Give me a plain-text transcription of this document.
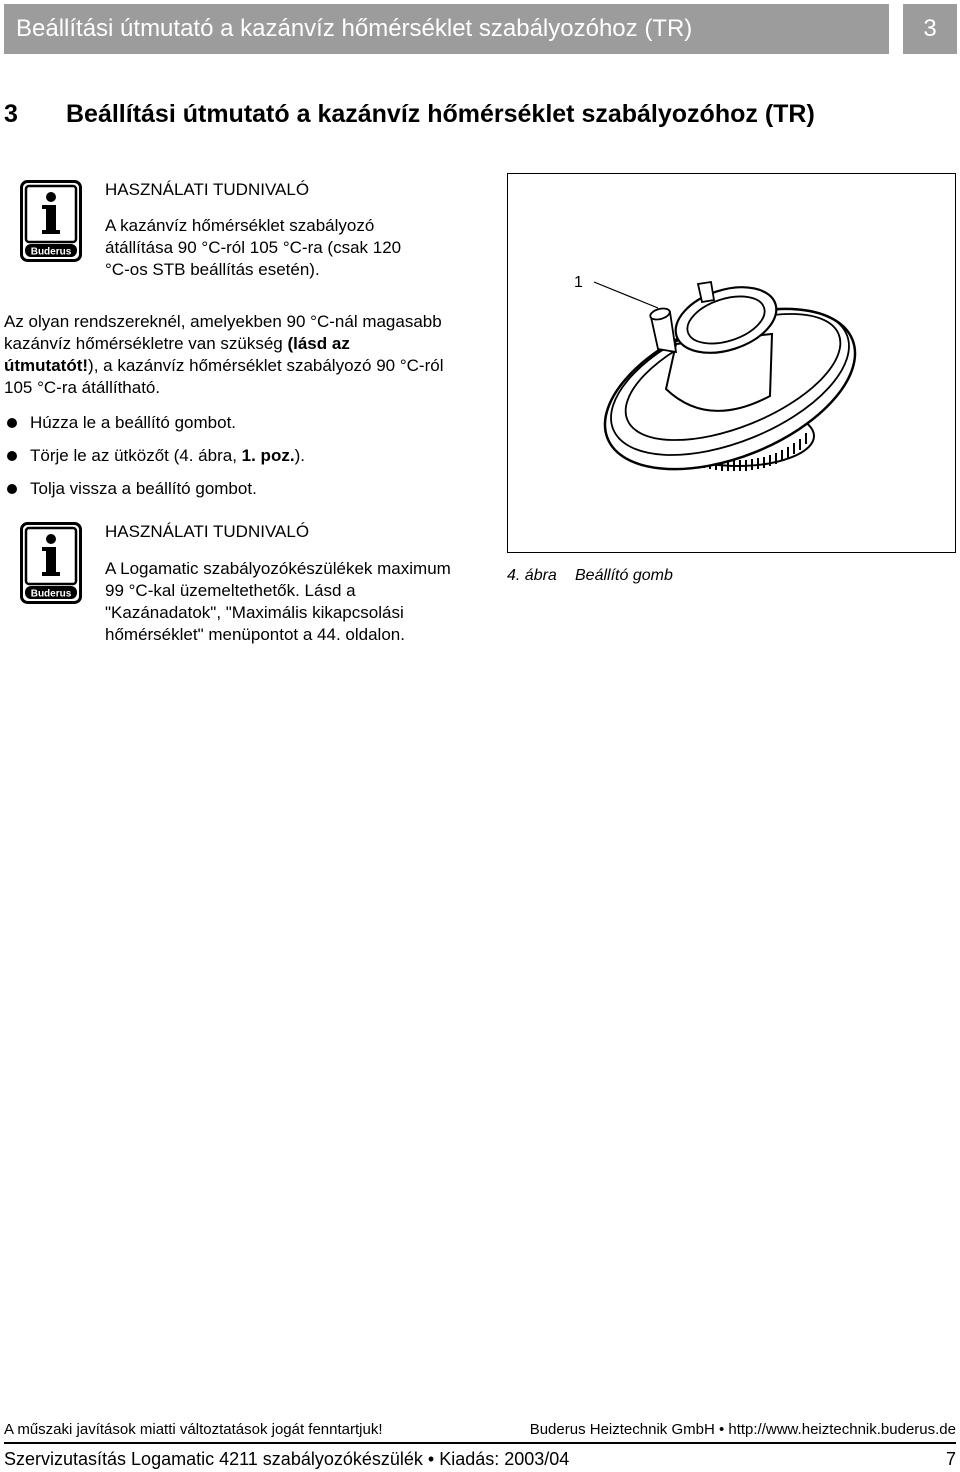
Beállítási útmutató a kazánvíz hőmérséklet szabályozóhoz (TR)	3
3 Beállítási útmutató a kazánvíz hőmérséklet szabályozóhoz (TR)
Buderus
HASZNÁLATI TUDNIVALÓ
A kazánvíz hőmérséklet szabályozó átállítása 90 °C-ról 105 °C-ra (csak 120 °C-os STB beállítás esetén).
Az olyan rendszereknél, amelyekben 90 °C-nál magasabb kazánvíz hőmérsékletre van szükség (lásd az útmutatót!), a kazánvíz hőmérséklet szabályozó 90 °C-ról 105 °C-ra átállítható.
Húzza le a beállító gombot.
Törje le az ütközőt (4. ábra, 1. poz.).
Tolja vissza a beállító gombot.
Buderus
HASZNÁLATI TUDNIVALÓ
A Logamatic szabályozókészülékek maximum 99 °C-kal üzemeltethetők. Lásd a "Kazánadatok", "Maximális kikapcsolási hőmérséklet" menüpontot a 44. oldalon.
1
4. ábra Beállító gomb
A műszaki javítások miatti változtatások jogát fenntartjuk!	Buderus Heiztechnik GmbH • http://www.heiztechnik.buderus.de
Szervizutasítás Logamatic 4211 szabályozókészülék • Kiadás: 2003/04	7
